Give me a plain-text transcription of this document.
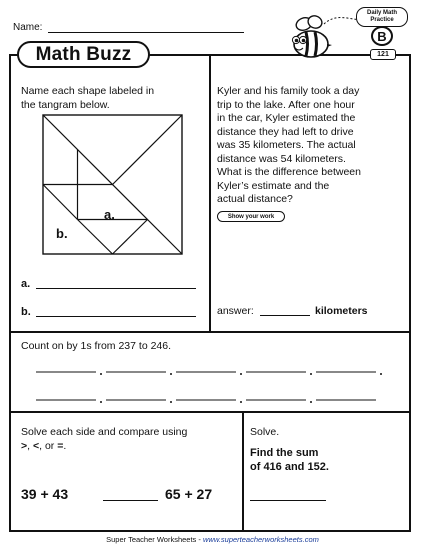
Name:
Math Buzz
Daily Math
Practice
B
121
Name each shape labeled in
the tangram below.
a.
b.
a.
b.
Kyler and his family took a day
trip to the lake. After one hour
in the car, Kyler estimated the
distance they had left to drive
was 35 kilometers. The actual
distance was 54 kilometers.
What is the difference between
Kyler’s estimate and the
actual distance?
Show your work
answer:	kilometers
Count on by 1s from 237 to 246.
Solve each side and compare using
>, <, or =.
39 + 43	65 + 27
Solve.
Find the sum
of 416 and 152.
Super Teacher Worksheets - www.superteacherworksheets.com
